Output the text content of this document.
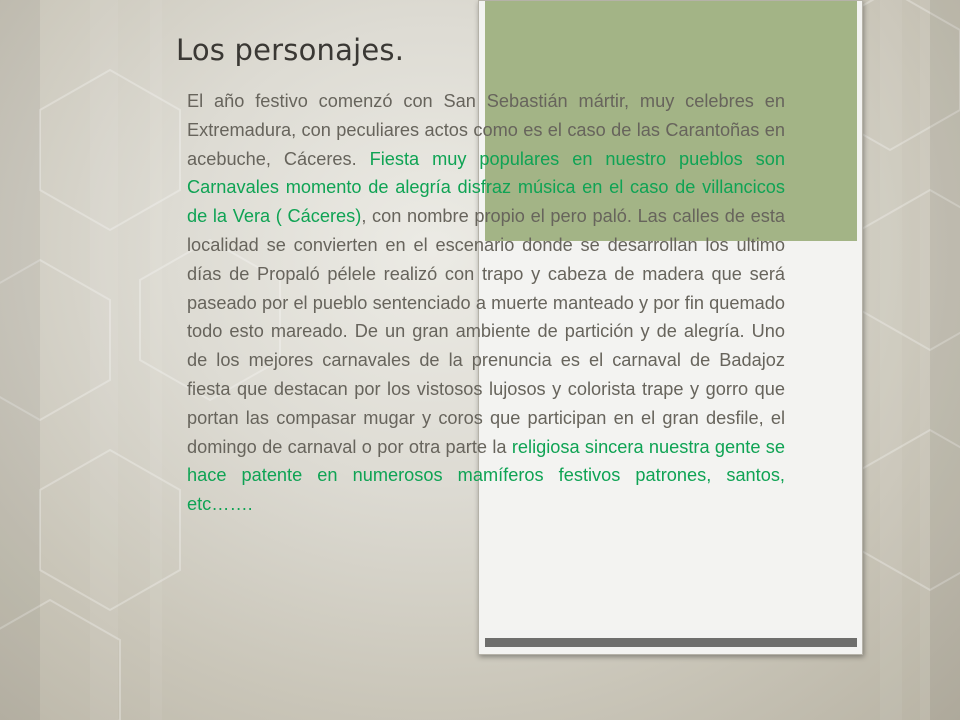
Los personajes.
El año festivo comenzó con San Sebastián mártir, muy celebres en Extremadura, con peculiares actos como es el caso de las Carantoñas en acebuche, Cáceres. Fiesta muy populares en nuestro pueblos son Carnavales momento de alegría disfraz música en el caso de villancicos de la Vera ( Cáceres), con nombre propio el pero paló. Las calles de esta localidad se convierten en el escenario donde se desarrollan los ultimo días de Propaló pélele realizó con trapo y cabeza de madera que será paseado por el pueblo sentenciado a muerte manteado y por fin quemado todo esto mareado. De un gran ambiente de partición y de alegría. Uno de los mejores carnavales de la prenuncia es el carnaval de Badajoz fiesta que destacan por los vistosos lujosos y colorista trape y gorro que portan las compasar mugar y coros que participan en el gran desfile, el domingo de carnaval o por otra parte la religiosa sincera nuestra gente se hace patente en numerosos mamíferos festivos patrones, santos, etc…….
